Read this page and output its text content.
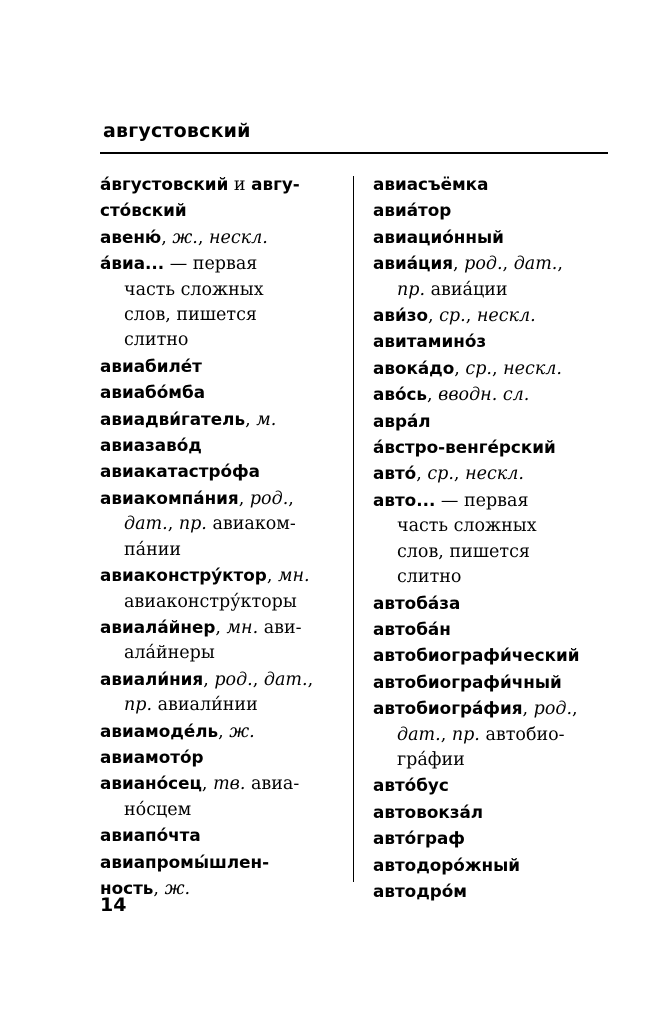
августовский

а́вгустовский и авгу-

сто́вский

авеню́, ж., нескл.

а́виа... — первая

часть сложных

слов, пишется

слитно

авиабиле́т

авиабо́мба

авиадви́гатель, м.

авиазаво́д

авиакатастро́фа

авиакомпа́ния, род.,

дат., пр. авиаком-

па́нии

авиаконстру́ктор, мн.

авиаконстру́кторы

авиала́йнер, мн. ави-

ала́йнеры

авиали́ния, род., дат.,

пр. авиали́нии

авиамоде́ль, ж.

авиамото́р

авиано́сец, тв. авиа-

но́сцем

авиапо́чта

авиапромы́шлен-

ность, ж.

авиасъёмка

авиа́тор

авиацио́нный

авиа́ция, род., дат.,

пр. авиа́ции

ави́зо, ср., нескл.

авитамино́з

авока́до, ср., нескл.

аво́сь, вводн. сл.

авра́л

а́встро-венге́рский

авто́, ср., нескл.

авто... — первая

часть сложных

слов, пишется

слитно

автоба́за

автоба́н

автобиографи́ческий

автобиографи́чный

автобиогра́фия, род.,

дат., пр. автобио-

гра́фии

авто́бус

автовокза́л

авто́граф

автодоро́жный

автодро́м

14
